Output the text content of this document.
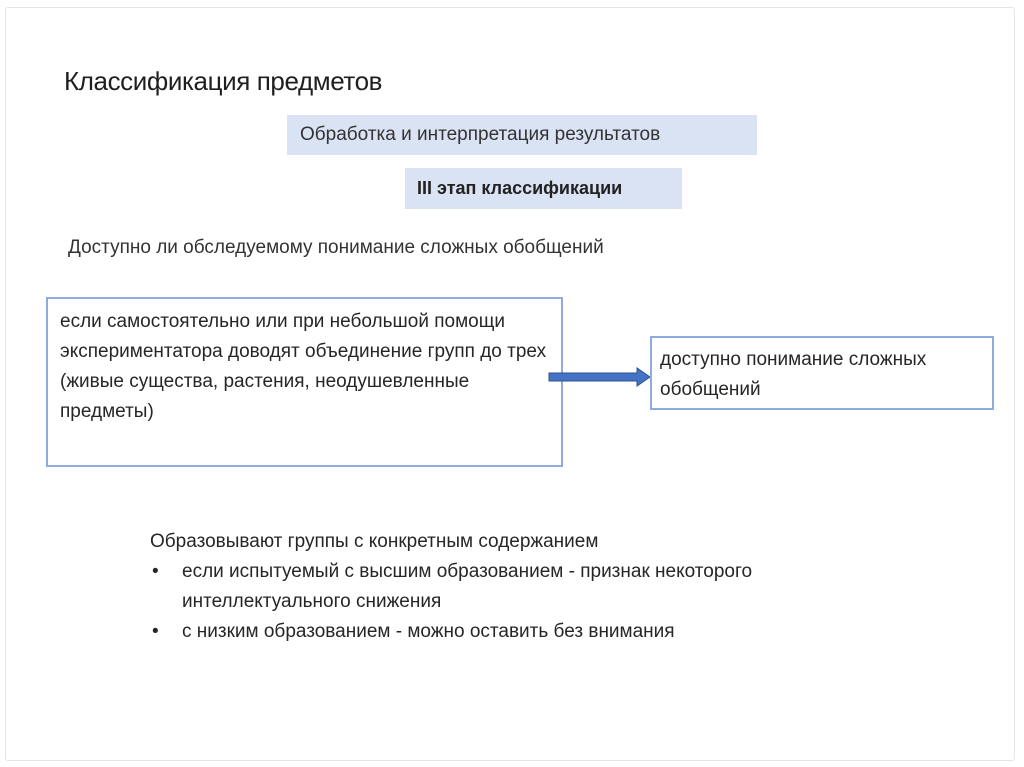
Классификация предметов
Обработка и интерпретация результатов
III этап классификации
Доступно ли обследуемому понимание сложных обобщений
если самостоятельно или при небольшой помощи экспериментатора доводят объединение групп до трех (живые существа, растения, неодушевленные предметы)
доступно понимание сложных обобщений
Образовывают группы с конкретным содержанием
• если испытуемый с высшим образованием - признак некоторого интеллектуального снижения
• с низким образованием - можно оставить без внимания
